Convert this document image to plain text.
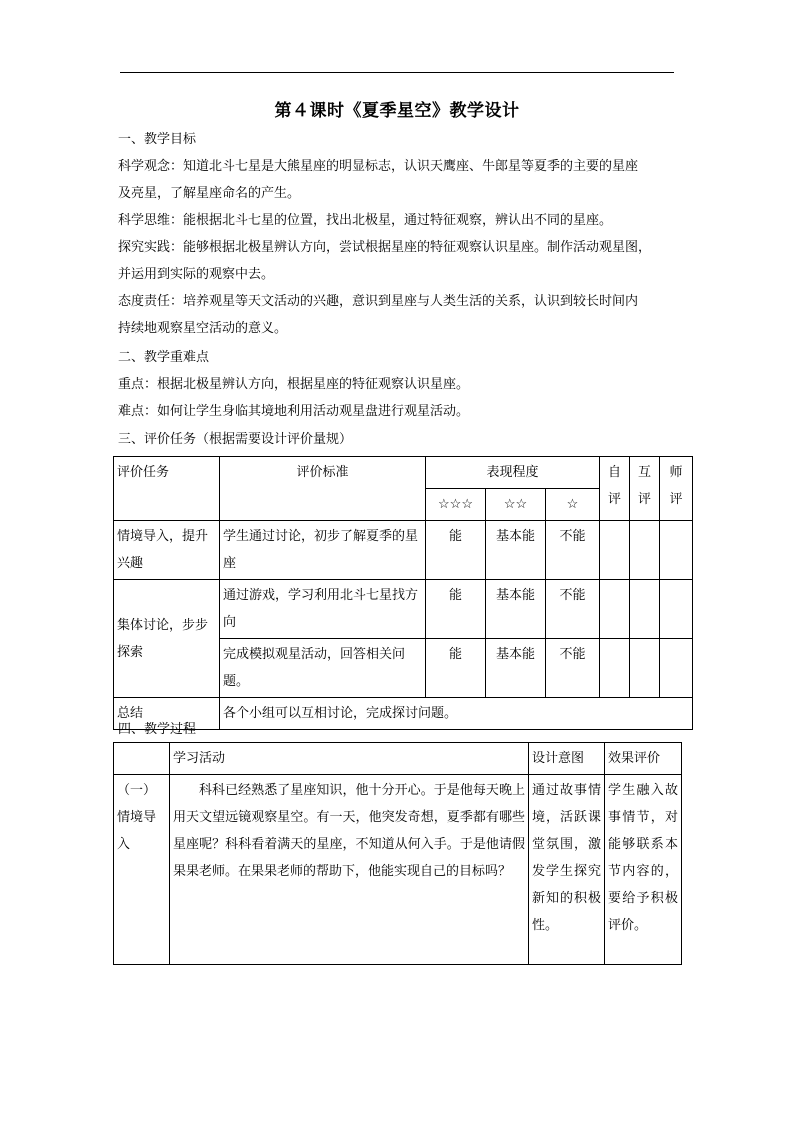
第４课时《夏季星空》教学设计
一、教学目标
科学观念：知道北斗七星是大熊星座的明显标志，认识天鹰座、牛郎星等夏季的主要的星座
及亮星，了解星座命名的产生。
科学思维：能根据北斗七星的位置，找出北极星，通过特征观察，辨认出不同的星座。
探究实践：能够根据北极星辨认方向，尝试根据星座的特征观察认识星座。制作活动观星图，
并运用到实际的观察中去。
态度责任：培养观星等天文活动的兴趣，意识到星座与人类生活的关系，认识到较长时间内
持续地观察星空活动的意义。
二、教学重难点
重点：根据北极星辨认方向，根据星座的特征观察认识星座。
难点：如何让学生身临其境地利用活动观星盘进行观星活动。
三、评价任务（根据需要设计评价量规）
评价任务	评价标准	表现程度			自评	互评	师评
		☆☆☆	☆☆	☆			
情境导入，提升兴趣	学生通过讨论，初步了解夏季的星座	能	基本能	不能			
集体讨论，步步探索	通过游戏，学习利用北斗七星找方向	能	基本能	不能			
	完成模拟观星活动，回答相关问题。	能	基本能	不能			
总结	各个小组可以互相讨论，完成探讨问题。						
四、教学过程
	学习活动	设计意图	效果评价
（一）情境导入	科科已经熟悉了星座知识，他十分开心。于是他每天晚上用天文望远镜观察星空。有一天，他突发奇想，夏季都有哪些星座呢？科科看着满天的星座，不知道从何入手。于是他请假果果老师。在果果老师的帮助下，他能实现自己的目标吗？	通过故事情境，活跃课堂氛围，激发学生探究新知的积极性。	学生融入故事情节，对能够联系本节内容的，要给予积极评价。
